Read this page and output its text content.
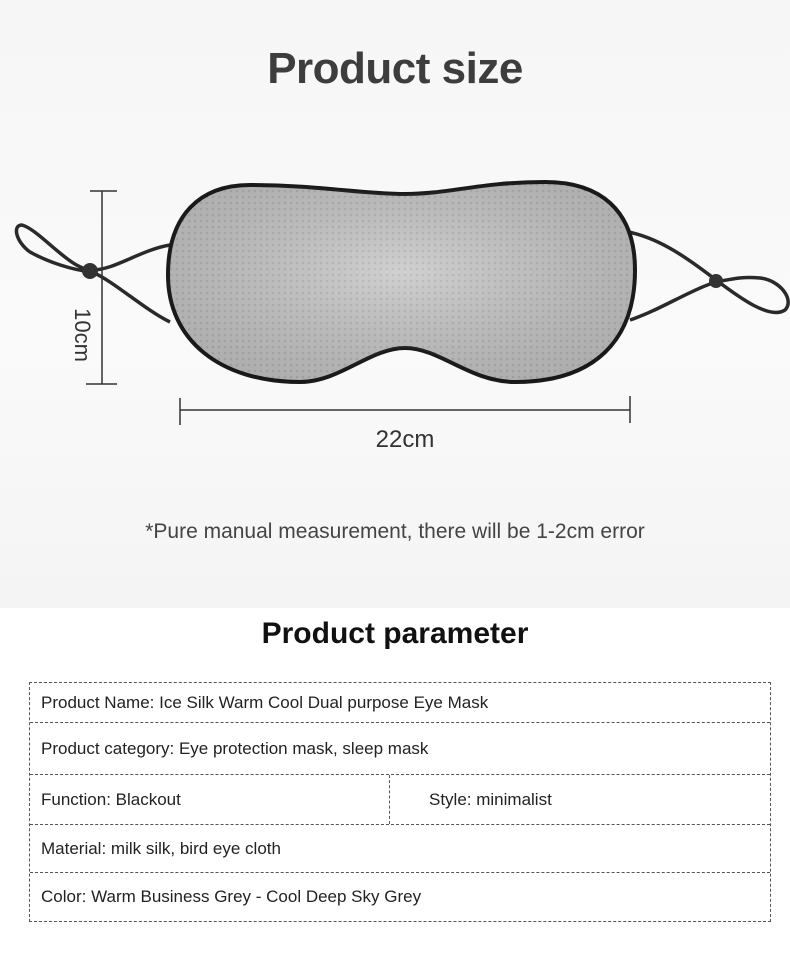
Product size
10cm
22cm
*Pure manual measurement, there will be 1-2cm error
Product parameter
Product Name: Ice Silk Warm Cool Dual purpose Eye Mask
Product category: Eye protection mask, sleep mask
Function: Blackout	Style: minimalist
Material: milk silk, bird eye cloth
Color: Warm Business Grey - Cool Deep Sky Grey
